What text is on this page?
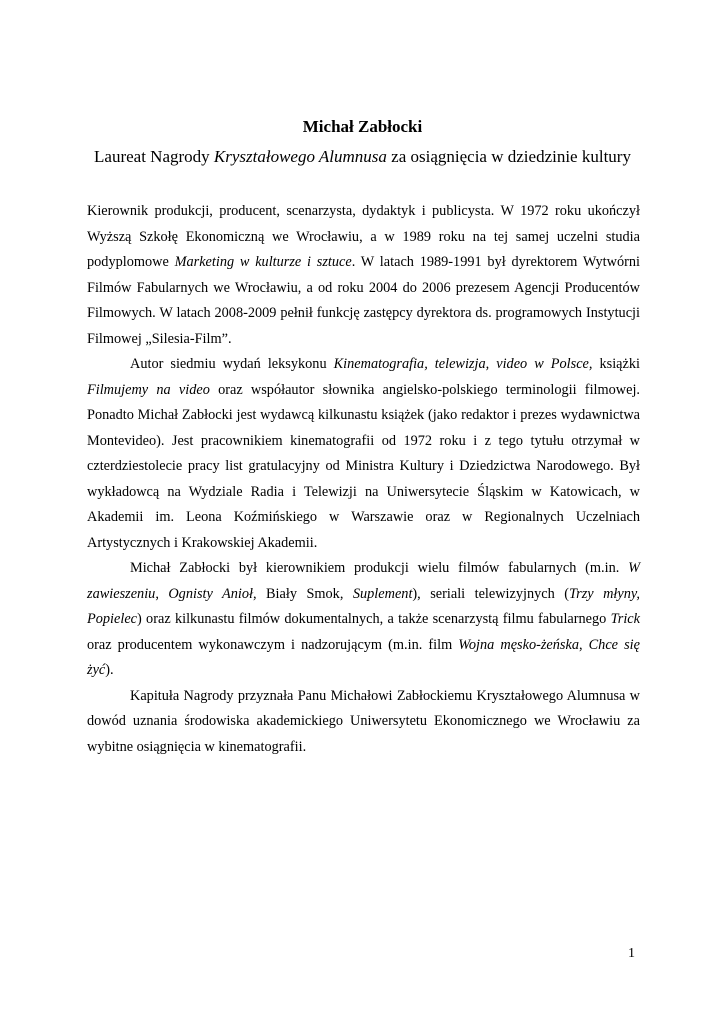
Michał Zabłocki
Laureat Nagrody Kryształowego Alumnusa za osiągnięcia w dziedzinie kultury

Kierownik produkcji, producent, scenarzysta, dydaktyk i publicysta. W 1972 roku ukończył Wyższą Szkołę Ekonomiczną we Wrocławiu, a w 1989 roku na tej samej uczelni studia podyplomowe Marketing w kulturze i sztuce. W latach 1989-1991 był dyrektorem Wytwórni Filmów Fabularnych we Wrocławiu, a od roku 2004 do 2006 prezesem Agencji Producentów Filmowych. W latach 2008-2009 pełnił funkcję zastępcy dyrektora ds. programowych Instytucji Filmowej „Silesia-Film”.

Autor siedmiu wydań leksykonu Kinematografia, telewizja, video w Polsce, książki Filmujemy na video oraz współautor słownika angielsko-polskiego terminologii filmowej. Ponadto Michał Zabłocki jest wydawcą kilkunastu książek (jako redaktor i prezes wydawnictwa Montevideo). Jest pracownikiem kinematografii od 1972 roku i z tego tytułu otrzymał w czterdziestolecie pracy list gratulacyjny od Ministra Kultury i Dziedzictwa Narodowego. Był wykładowcą na Wydziale Radia i Telewizji na Uniwersytecie Śląskim w Katowicach, w Akademii im. Leona Koźmińskiego w Warszawie oraz w Regionalnych Uczelniach Artystycznych i Krakowskiej Akademii.

Michał Zabłocki był kierownikiem produkcji wielu filmów fabularnych (m.in. W zawieszeniu, Ognisty Anioł, Biały Smok, Suplement), seriali telewizyjnych (Trzy młyny, Popielec) oraz kilkunastu filmów dokumentalnych, a także scenarzystą filmu fabularnego Trick oraz producentem wykonawczym i nadzorującym (m.in. film Wojna męsko-żeńska, Chce się żyć).

Kapituła Nagrody przyznała Panu Michałowi Zabłockiemu Kryształowego Alumnusa w dowód uznania środowiska akademickiego Uniwersytetu Ekonomicznego we Wrocławiu za wybitne osiągnięcia w kinematografii.

1
